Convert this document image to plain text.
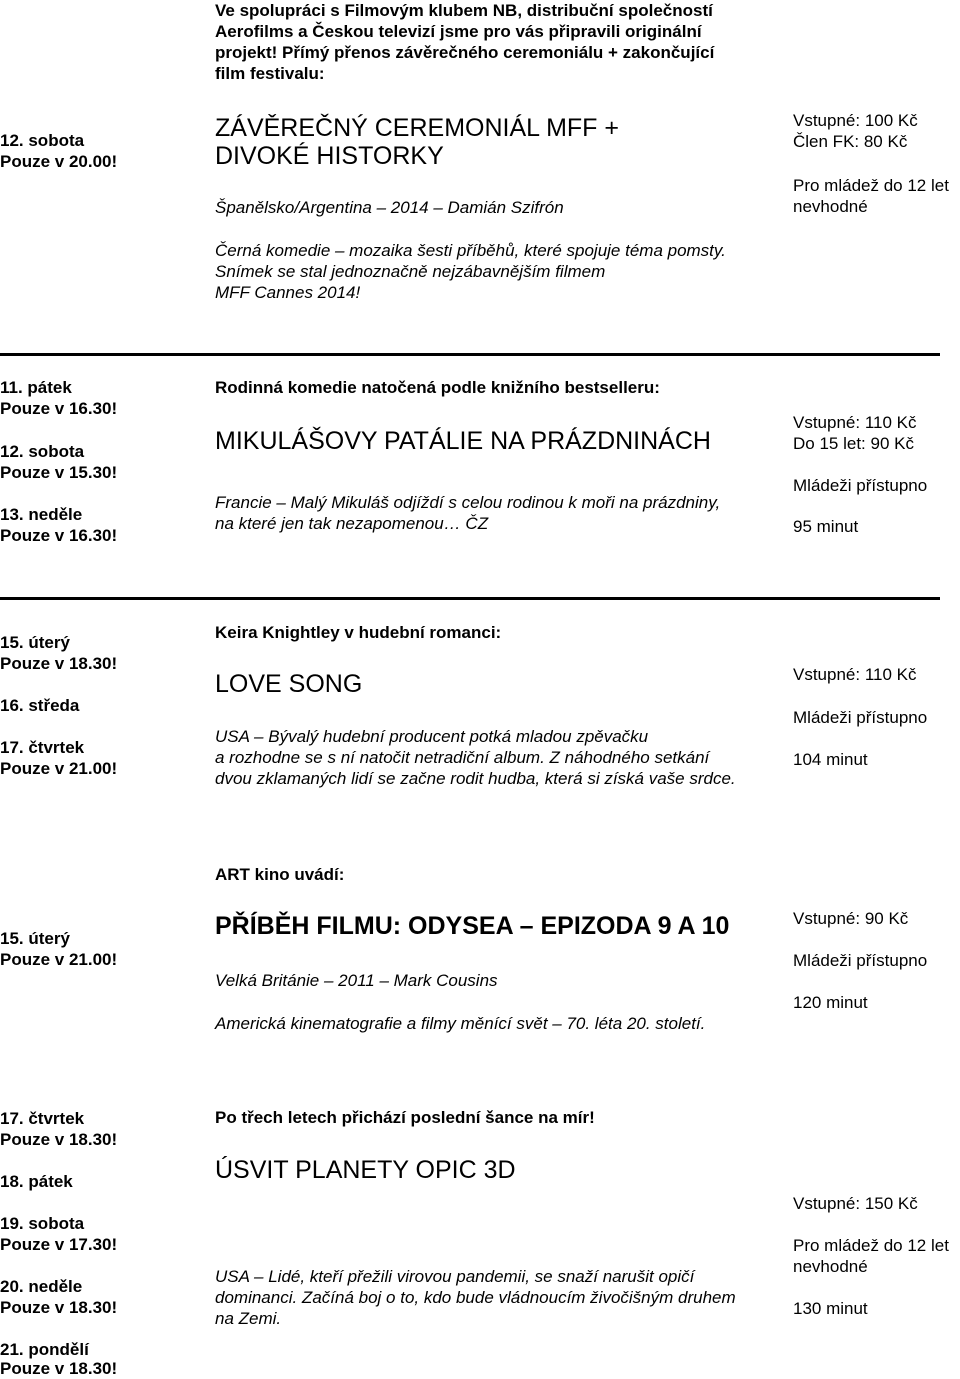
Ve spolupráci s Filmovým klubem NB, distribuční společností
Aerofilms a Českou televizí jsme pro vás připravili originální
projekt! Přímý přenos závěrečného ceremoniálu + zakončující
film festivalu:
12. sobota
Pouze v 20.00!
ZÁVĚREČNÝ CEREMONIÁL MFF +
DIVOKÉ HISTORKY
Španělsko/Argentina – 2014 – Damián Szifrón
Černá komedie – mozaika šesti příběhů, které spojuje téma pomsty.
Snímek se stal jednoznačně nejzábavnějším filmem
MFF Cannes 2014!
Vstupné: 100 Kč
Člen FK: 80 Kč
Pro mládež do 12 let
nevhodné
11. pátek
Pouze v 16.30!
12. sobota
Pouze v 15.30!
13. neděle
Pouze v 16.30!
Rodinná komedie natočená podle knižního bestselleru:
MIKULÁŠOVY PATÁLIE NA PRÁZDNINÁCH
Francie – Malý Mikuláš odjíždí s celou rodinou k moři na prázdniny,
na které jen tak nezapomenou… ČZ
Vstupné: 110 Kč
Do 15 let: 90 Kč
Mládeži přístupno
95 minut
15. úterý
Pouze v 18.30!
16. středa
17. čtvrtek
Pouze v 21.00!
Keira Knightley v hudební romanci:
LOVE SONG
USA – Bývalý hudební producent potká mladou zpěvačku
a rozhodne se s ní natočit netradiční album. Z náhodného setkání
dvou zklamaných lidí se začne rodit hudba, která si získá vaše srdce.
Vstupné: 110 Kč
Mládeži přístupno
104 minut
ART kino uvádí:
15. úterý
Pouze v 21.00!
PŘÍBĚH FILMU: ODYSEA – EPIZODA 9 A 10
Velká Británie – 2011 – Mark Cousins
Americká kinematografie a filmy měnící svět – 70. léta 20. století.
Vstupné: 90 Kč
Mládeži přístupno
120 minut
17. čtvrtek
Pouze v 18.30!
18. pátek
19. sobota
Pouze v 17.30!
20. neděle
Pouze v 18.30!
21. pondělí
Pouze v 18.30!
Po třech letech přichází poslední šance na mír!
ÚSVIT PLANETY OPIC 3D
USA – Lidé, kteří přežili virovou pandemii, se snaží narušit opičí
dominanci. Začíná boj o to, kdo bude vládnoucím živočišným druhem
na Zemi.
Vstupné: 150 Kč
Pro mládež do 12 let
nevhodné
130 minut
